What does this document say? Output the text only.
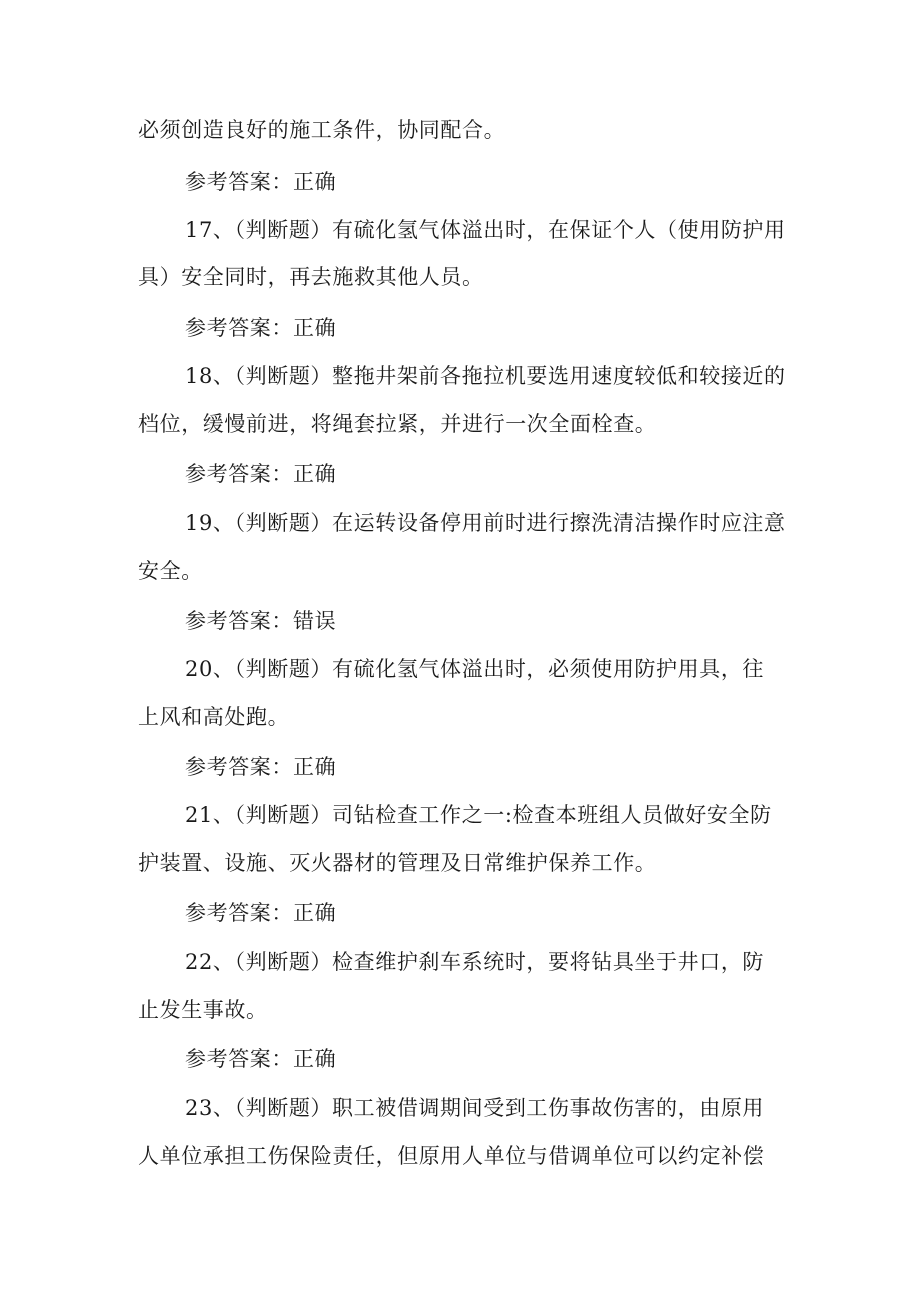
必须创造良好的施工条件，协同配合。
参考答案：正确
17、（判断题）有硫化氢气体溢出时，在保证个人（使用防护用
具）安全同时，再去施救其他人员。
参考答案：正确
18、（判断题）整拖井架前各拖拉机要选用速度较低和较接近的
档位，缓慢前进，将绳套拉紧，并进行一次全面栓查。
参考答案：正确
19、（判断题）在运转设备停用前时进行擦洗清洁操作时应注意
安全。
参考答案：错误
20、（判断题）有硫化氢气体溢出时，必须使用防护用具，往
上风和高处跑。
参考答案：正确
21、（判断题）司钻检查工作之一:检查本班组人员做好安全防
护装置、设施、灭火器材的管理及日常维护保养工作。
参考答案：正确
22、（判断题）检查维护刹车系统时，要将钻具坐于井口，防
止发生事故。
参考答案：正确
23、（判断题）职工被借调期间受到工伤事故伤害的，由原用
人单位承担工伤保险责任，但原用人单位与借调单位可以约定补偿
